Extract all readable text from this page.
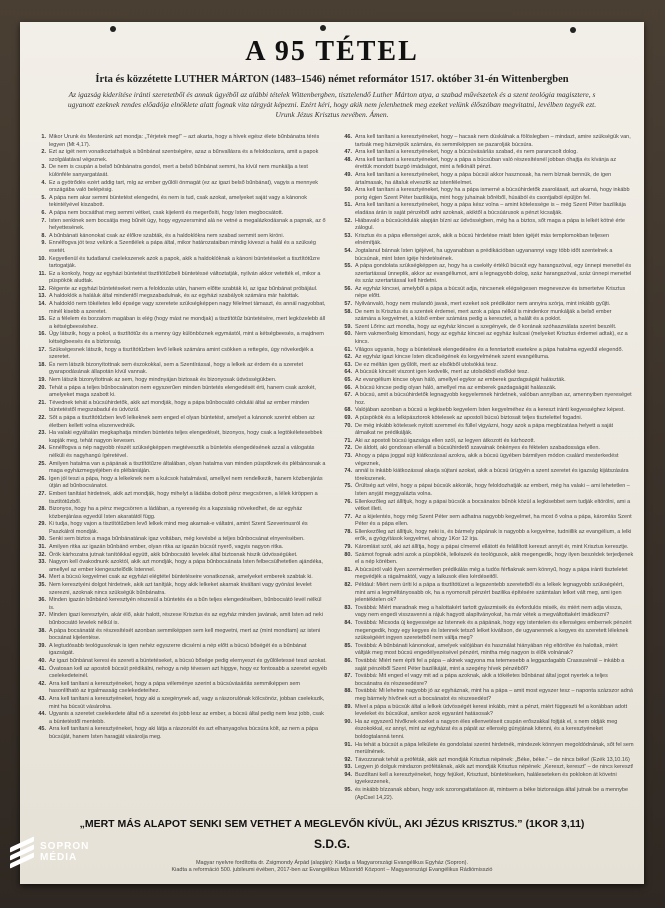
A 95 TÉTEL
Írta és közzétette LUTHER MÁRTON (1483–1546) német reformátor 1517. október 31-én Wittenbergben
Az igazság kiderítése iránti szeretetből és annak ügyéből az alábbi tételek Wittenbergben, tisztelendő Luther Márton atya, a szabad művészetek és a szent teológia magisztere, s ugyanott ezeknek rendes előadója elnöklete alatt fognak vita tárgyát képezni. Ezért kéri, hogy akik nem jelenhetnek meg ezeket velünk élőszóban megvitatni, levélben tegyék ezt. Urunk Jézus Krisztus nevében. Ámen.
1. Mikor Urunk és Mesterünk azt mondja: „Térjetek meg!” – azt akarta, hogy a hívek egész élete bűnbánatra térés legyen (Mt 4,17).
2. Ezt az igét nem vonatkoztathatjuk a bűnbánat szentségére, azaz a bűnvallásra és a feloldozásra, amit a papok szolgálatával végeznek.
3. De nem is csupán a belső bűnbánatra gondol, mert a belső bűnbánat semmi, ha kívül nem munkálja a test különféle sanyargatását.
4. Ez a gyötrődés ezért addig tart, míg az ember gyűlöli önmagát (ez az igazi belső bűnbánat), vagyis a mennyek országába való belépésig.
5. A pápa nem akar semmi büntetést elengedni, és nem is tud, csak azokat, amelyeket saját vagy a kánonok tekintélyével kiszabott.
6. A pápa nem bocsáthat meg semmi vétket, csak kijelenti és megerősíti, hogy Isten megbocsátott.
7. Isten senkinek sem bocsátja meg bűnét úgy, hogy egyszersmind alá ne vetné a megalázkodásnak a papnak, az ő helyettesének.
8. A bűnbánati kánonokat csak az élőkre szabták, és a haldoklókra nem szabad semmit sem kiróni.
9. Ennélfogva jót tesz velünk a Szentlélek a pápa által, mikor határozataiban mindig kiveszi a halál és a szükség esetét.
10. Kegyetlenül és tudatlanul cselekszenek azok a papok, akik a haldoklóknak a kánoni büntetéseket a tisztítótűzre tartogatják.
11. Ez a konkoly, hogy az egyházi büntetést tisztítótűzbeli büntetéssé változtatják, nyilván akkor vetették el, mikor a püspökök aludtak.
12. Régente az egyházi büntetéseket nem a feloldozás után, hanem előtte szabták ki, az igaz bűnbánat próbájául.
13. A haldoklók a haláluk által mindentől megszabadulnak, és az egyházi szabályok számára már halottak.
14. A haldokló nem tökéletes lelki épsége vagy szeretete szükségképpen nagy félelmet támaszt, és annál nagyobbat, minél kisebb a szeretet.
15. Ez a félelem és borzalom magában is elég (hogy mást ne mondjak) a tisztítótűz büntetésére, mert legközelebb áll a kétségbeeséshez.
16. Úgy látszik, hogy a pokol, a tisztítótűz és a menny úgy különböznek egymástól, mint a kétségbeesés, a majdnem kétségbeesés és a biztonság.
17. Szükségesnek látszik, hogy a tisztítótűzben levő lelkek számára amint csökken a rettegés, úgy növekedjék a szeretet.
18. És nem látszik bizonyítottnak sem észokokkal, sem a Szentírással, hogy a lelkek az érdem és a szeretet gyarapodásának állapotán kívül vannak.
19. Nem látszik bizonyítottnak az sem, hogy mindnyájan biztosak és bizonyosak üdvösségükben.
20. Tehát a pápa a teljes bűnbocsánaton nem egyszerűen minden büntetés elengedését érti, hanem csak azokét, amelyeket maga szabott ki.
21. Tévednek tehát a búcsúhirdetők, akik azt mondják, hogy a pápa bűnbocsátó cédulái által az ember minden büntetéstől megszabadul és üdvözül.
22. Sőt a pápa a tisztítótűzben levő lelkeknek sem enged el olyan büntetést, amelyet a kánonok szerint ebben az életben kellett volna elszenvedniük.
23. Ha valaki egyáltalán megkaphatja minden büntetés teljes elengedését, bizonyos, hogy csak a legtökéletesebbek kapják meg, tehát nagyon kevesen.
24. Ennélfogva a nép nagyobb részét szükségképpen megtévesztik a büntetés elengedésének azzal a válogatás nélküli és nagyhangú ígéretével.
25. Amilyen hatalma van a pápának a tisztítótűzre általában, olyan hatalma van minden püspöknek és plébánosnak a maga egyházmegyéjében és plébániáján.
26. Igen jól teszi a pápa, hogy a lelkeknek nem a kulcsok hatalmával, amellyel nem rendelkezik, hanem közbenjárás útján ad bűnbocsánatot.
27. Emberi tanítást hirdetnek, akik azt mondják, hogy mihelyt a ládába dobott pénz megcsörren, a lélek kiröppen a tisztítótűzből.
28. Bizonyos, hogy ha a pénz megcsörren a ládában, a nyereség és a kapzsiság növekedhet, de az egyház közbenjárása egyedül Isten akaratától függ.
29. Ki tudja, hogy vajon a tisztítótűzben levő lelkek mind meg akarnak-e váltatni, amint Szent Szeverinusról és Paszkálról mondják.
30. Senki sem biztos a maga bűnbánatának igaz voltában, még kevésbé a teljes bűnbocsánat elnyerésében.
31. Amilyen ritka az igazán bűnbánó ember, olyan ritka az igazán búcsút nyerő, vagyis nagyon ritka.
32. Örök kárhozatra jutnak tanítóikkal együtt, akik bűnbocsátó levelek által biztosnak hiszik üdvösségüket.
33. Nagyon kell óvakodnunk azoktól, akik azt mondják, hogy a pápa bűnbocsánata Isten felbecsülhetetlen ajándéka, amellyel az ember kiengesztelődik Istennel.
34. Mert a búcsú kegyelmei csak az egyházi elégtétel büntetéseire vonatkoznak, amelyeket emberek szabtak ki.
35. Nem keresztyéni dolgot hirdetnek, akik azt tanítják, hogy akik lelkeket akarnak kiváltani vagy gyónási levelet szerezni, azoknak nincs szükségük bűnbánatra.
36. Minden igazán bűnbánó keresztyén részesül a büntetés és a bűn teljes elengedésében, bűnbocsátó levél nélkül is.
37. Minden igazi keresztyén, akár élő, akár halott, részese Krisztus és az egyház minden javának, amit Isten ad neki bűnbocsátó levelek nélkül is.
38. A pápa bocsánatát és részesítését azonban semmiképpen sem kell megvetni, mert az (mint mondtam) az isteni bocsánat kijelentése.
39. A legtudósabb teológusoknak is igen nehéz egyszerre dicsérni a nép előtt a búcsú bőségét és a bűnbánat igazságát.
40. Az igazi bűnbánat keresi és szereti a büntetéseket, a búcsú bősége pedig elernyeszt és gyűlöletessé teszi azokat.
41. Óvatosan kell az apostoli búcsút prédikálni, nehogy a nép tévesen azt higgye, hogy ez fontosabb a szeretet egyéb cselekedeteinél.
42. Arra kell tanítani a keresztyéneket, hogy a pápa véleménye szerint a búcsúvásárlás semmiképpen sem hasonlítható az irgalmasság cselekedeteihez.
43. Arra kell tanítani a keresztyéneket, hogy aki a szegénynek ad, vagy a rászorulónak kölcsönöz, jobban cselekszik, mint ha búcsút vásárolna.
44. Ugyanis a szeretet cselekedete által nő a szeretet és jobb lesz az ember, a búcsú által pedig nem lesz jobb, csak a büntetéstől mentebb.
45. Arra kell tanítani a keresztyéneket, hogy aki látja a rászorulót és azt elhanyagolva búcsúra költ, az nem a pápa búcsúját, hanem Isten haragját vásárolja meg.
46. Arra kell tanítani a keresztyéneket, hogy – hacsak nem dúskálnak a fölöslegben – mindazt, amire szükségük van, tartsák meg háznépük számára, és semmiképpen se pazarolják búcsúra.
47. Arra kell tanítani a keresztyéneket, hogy a búcsúvásárlás szabad, és nem parancsolt dolog.
48. Arra kell tanítani a keresztyéneket, hogy a pápa a búcsúban való részesítésnél jobban óhajtja és kívánja az érettük mondott buzgó imádságot, mint a felkínált pénzt.
49. Arra kell tanítani a keresztyéneket, hogy a pápa búcsúi akkor hasznosak, ha nem bíznak bennük, de igen ártalmasak, ha általuk elvesztik az istenfélelmet.
50. Arra kell tanítani a keresztyéneket, hogy ha a pápa ismerné a búcsúhirdetők zsarolásait, azt akarná, hogy inkább porig égjen Szent Péter bazilikája, mint hogy juhainak bőréből, húsából és csontjaiból épüljön fel.
51. Arra kell tanítani a keresztyéneket, hogy a pápa kész volna – amint kötelessége is – még Szent Péter bazilikája eladása árán is saját pénzéből adni azoknak, akiktől a búcsúárusok a pénzt kicsalják.
52. Hiábavaló a búcsúcédulák alapján bízni az üdvösségben, még ha a biztos, sőt maga a pápa is lelkét kötné érte zálogul.
53. Krisztus és a pápa ellenségei azok, akik a búcsú hirdetése miatt Isten igéjét más templomokban teljesen elnémítják.
54. Jogtalanul bánnak Isten igéjével, ha ugyanabban a prédikációban ugyanannyi vagy több időt szentelnek a búcsúnak, mint Isten igéje hirdetésének.
55. A pápa gondolata szükségképpen az, hogy ha a csekély értékű búcsút egy harangszóval, egy ünnepi menettel és szertartással ünneplik, akkor az evangéliumot, ami a legnagyobb dolog, száz harangszóval, száz ünnepi menettel és száz szertartással kell hirdetni.
56. Az egyház kincsei, amelyből a pápa a búcsút adja, nincsenek elégségesen megnevezve és ismertetve Krisztus népe előtt.
57. Nyilvánvaló, hogy nem mulandó javak, mert ezeket sok prédikátor nem annyira szórja, mint inkább gyűjti.
58. De nem is Krisztus és a szentek érdemei, mert azok a pápa nélkül is mindenkor munkálják a belső ember számára a kegyelmet, a külső ember számára pedig a keresztet, a halált és a poklot.
59. Szent Lőrinc azt mondta, hogy az egyház kincsei a szegények, de ő korának szóhasználata szerint beszélt.
60. Nem vakmerőség kimondani, hogy az egyház kincsei az egyház kulcsai (melyeket Krisztus érdemei adtak), ez a kincs.
61. Világos ugyanis, hogy a büntetések elengedésére és a fenntartott esetekre a pápa hatalma egyedül elegendő.
62. Az egyház igazi kincse Isten dicsőségének és kegyelmének szent evangéliuma.
63. De ez méltán igen gyűlölt, mert az elsőkből utolsókká tesz.
64. A búcsúk kincsét viszont igen kedvelik, mert az utolsókból elsőkké tesz.
65. Az evangélium kincse olyan háló, amellyel egykor az emberek gazdagságát halászták.
66. A búcsú kincse pedig olyan háló, amellyel ma az emberek gazdagságát halásszák.
67. A búcsú, amit a búcsúhirdetők legnagyobb kegyelemnek hirdetnek, valóban annyiban az, amennyiben nyereséget hoz.
68. Valójában azonban a búcsú a legkisebb kegyelem Isten kegyelméhez és a kereszt iránti kegyességhez képest.
69. A püspökök és a lelkipásztorok kötelesek az apostoli búcsú biztosait teljes tisztelettel fogadni.
70. De még inkább kötelesek nyitott szemmel és füllel vigyázni, hogy azok a pápa megbízatása helyett a saját álmaikat ne prédikálják.
71. Aki az apostoli búcsú igazsága ellen szól, az legyen átkozott és kárhozott.
72. De áldott, aki gondosan ellenáll a búcsúhirdető szavainak önkényes és féktelen szabadossága ellen.
73. Ahogy a pápa joggal sújt kiátkozással azokra, akik a búcsú ügyében bármilyen módon csalárd mesterkedést végeznek,
74. annál is inkább kiátkozással akarja sújtani azokat, akik a búcsú ürügyén a szent szeretet és igazság kijátszására törekszenek.
75. Őrültség azt vélni, hogy a pápai búcsúk akkorák, hogy feloldozhatják az embert, még ha valaki – ami lehetetlen – Isten anyját meggyalázta volna.
76. Ellenkezőleg azt állítjuk, hogy a pápai búcsúk a bocsánatos bűnök közül a legkisebbet sem tudják eltörölni, ami a vétket illeti.
77. Az a kijelentés, hogy még Szent Péter sem adhatna nagyobb kegyelmet, ha most ő volna a pápa, káromlás Szent Péter és a pápa ellen.
78. Ellenkezőleg azt állítjuk, hogy neki is, és bármely pápának is nagyobb a kegyelme, tudniillik az evangélium, a lelki erők, a gyógyítások kegyelmei, ahogy 1Kor 12 írja.
79. Káromlást szól, aki azt állítja, hogy a pápai címerrel ellátott és felállított kereszt annyit ér, mint Krisztus keresztje.
80. Számot fognak adni azok a püspökök, lelkészek és teológusok, akik megengedik, hogy ilyen beszédek terjedjenek el a nép körében.
81. A búcsúról való ilyen szemérmetlen prédikálás még a tudós férfiaknak sem könnyű, hogy a pápa iránti tiszteletet megvédjék a rágalmaktól, vagy a laikusok éles kérdéseitől.
82. Például: Miért nem üríti ki a pápa a tisztítótüzet a legszentebb szeretetből és a lelkek legnagyobb szükségéért, mint ami a legméltányosabb ok, ha a nyomorult pénzért bazilika építésére számtalan lelket vált meg, ami igen jelentéktelen ok?
83. Továbbá: Miért maradnak meg a halottakért tartott gyászmisék és évfordulós misék, és miért nem adja vissza, vagy nem engedi visszavenni a rájuk hagyott alapítványokat, ha már vétek a megváltottakért imádkozni?
84. Továbbá: Micsoda új kegyessége az Istennek és a pápának, hogy egy istentelen és ellenséges embernek pénzért megengedik, hogy egy kegyes és Istennek tetsző lelket kiváltson, de ugyanennek a kegyes és szeretett léleknek szükségéért ingyen szeretetből nem váltja meg?
85. Továbbá: A bűnbánati kánonokat, amelyek valójában és használat hiányában rég eltörölve és halottak, miért váltják meg most búcsú engedélyezésével pénzért, mintha még nagyon is élők volnának?
86. Továbbá: Miért nem építi fel a pápa – akinek vagyona ma tetemesebb a leggazdagabb Crassusénál – inkább a saját pénzéből Szent Péter bazilikáját, mint a szegény hívek pénzéből?
87. Továbbá: Mit enged el vagy mit ad a pápa azoknak, akik a tökéletes bűnbánat által jogot nyertek a teljes bocsánatra és részesedésre?
88. Továbbá: Mi lehetne nagyobb jó az egyháznak, mint ha a pápa – amit most egyszer tesz – naponta százszor adná meg bármely hívőnek ezt a bocsánatot és részesedést?
89. Mivel a pápa a búcsúk által a lelkek üdvösségét keresi inkább, mint a pénzt, miért függeszti fel a korábban adott leveleket és búcsúkat, amikor azok egyaránt hatásosak?
90. Ha az egyszerű hívőknek ezeket a nagyon éles ellenvetéseit csupán erőszakkal fojtják el, s nem oldják meg észokokkal, ez annyi, mint az egyházat és a pápát az ellenség gúnyjának kitenni, és a keresztyéneket boldogtalanná tenni.
91. Ha tehát a búcsút a pápa lelkülete és gondolatai szerint hirdetnék, mindezek könnyen megoldódnának, sőt fel sem merülnének.
92. Távozzanak tehát a próféták, akik azt mondják Krisztus népének: „Béke, béke.” – de nincs béke! (Ezék 13,10.16)
93. Legyen jó dolguk mindazon prófétáknak, akik azt mondják Krisztus népének: „Kereszt, kereszt” – de nincs kereszt!
94. Buzdítani kell a keresztyéneket, hogy fejüket, Krisztust, büntetéseken, haláleseteken és poklokon át követni igyekezzenek,
95. és inkább bízzanak abban, hogy sok szorongattatáson át, mintsem a béke biztonsága által jutnak be a mennybe (ApCsel 14,22).
„MERT MÁS ALAPOT SENKI SEM VETHET A MEGLEVŐN KÍVÜL, AKI JÉZUS KRISZTUS.” (1KOR 3,11)
S.D.G.
Magyar nyelvre fordította dr. Zsigmondy Árpád (alapján): Kiadja a Magyarországi Evangélikus Egyház (Sopron).
Kiadta a reformáció 500. jubileumi évében, 2017-ben az Evangélikus Műsoridő Központ – Magyarországi Evangélikus Rádiómisszió
SOPRON
MÉDIA
